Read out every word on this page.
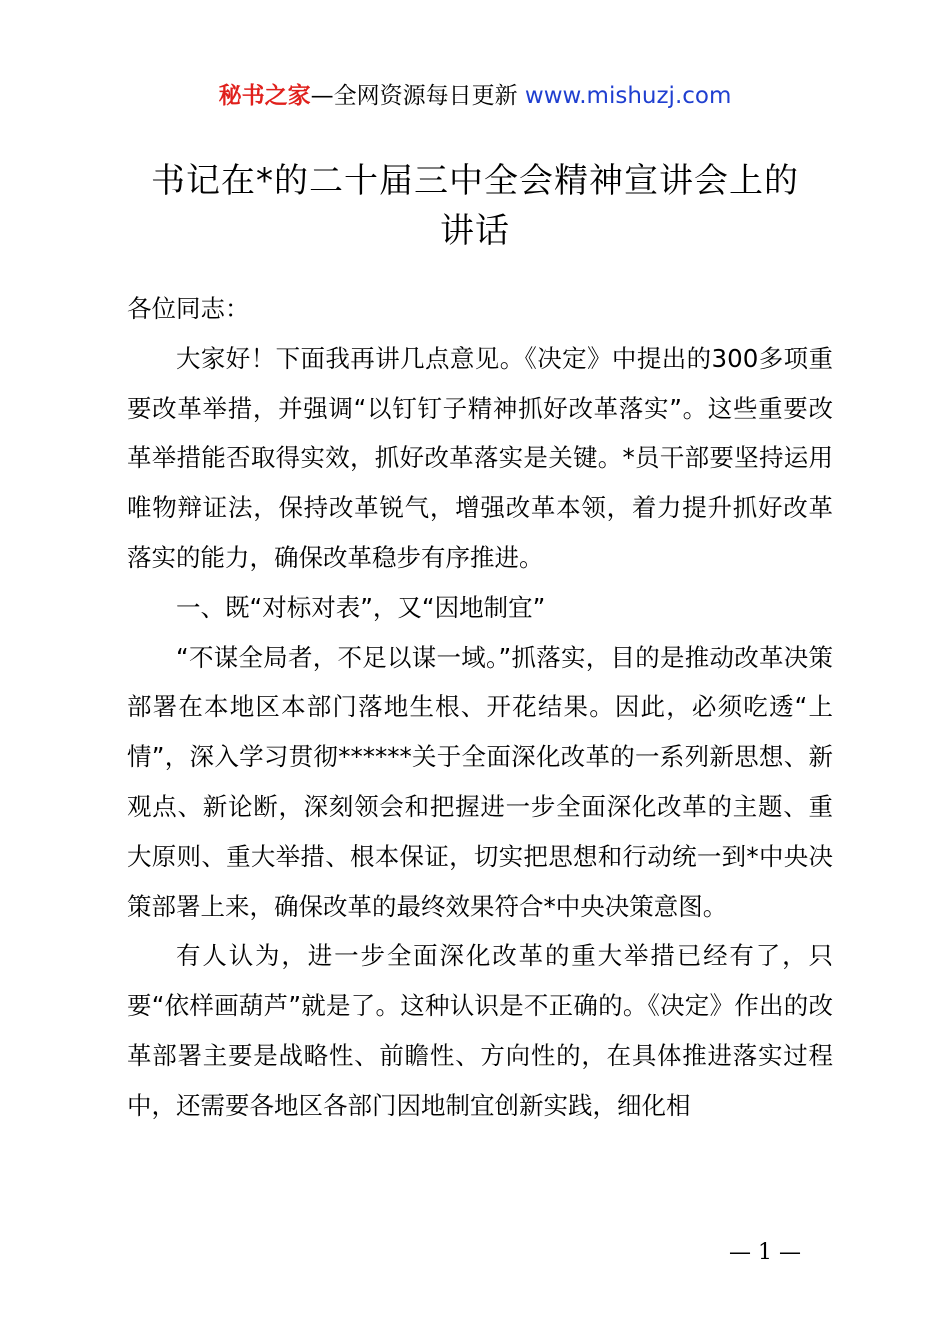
秘书之家—全网资源每日更新 www.mishuzj.com
书记在*的二十届三中全会精神宣讲会上的
讲话

各位同志：

大家好！下面我再讲几点意见。《决定》中提出的300多项重要改革举措，并强调“以钉钉子精神抓好改革落实”。这些重要改革举措能否取得实效，抓好改革落实是关键。*员干部要坚持运用唯物辩证法，保持改革锐气，增强改革本领，着力提升抓好改革落实的能力，确保改革稳步有序推进。

一、既“对标对表”，又“因地制宜”

“不谋全局者，不足以谋一域。”抓落实，目的是推动改革决策部署在本地区本部门落地生根、开花结果。因此，必须吃透“上情”，深入学习贯彻******关于全面深化改革的一系列新思想、新观点、新论断，深刻领会和把握进一步全面深化改革的主题、重大原则、重大举措、根本保证，切实把思想和行动统一到*中央决策部署上来，确保改革的最终效果符合*中央决策意图。

有人认为，进一步全面深化改革的重大举措已经有了，只要“依样画葫芦”就是了。这种认识是不正确的。《决定》作出的改革部署主要是战略性、前瞻性、方向性的，在具体推进落实过程中，还需要各地区各部门因地制宜创新实践，细化相

— 1 —
